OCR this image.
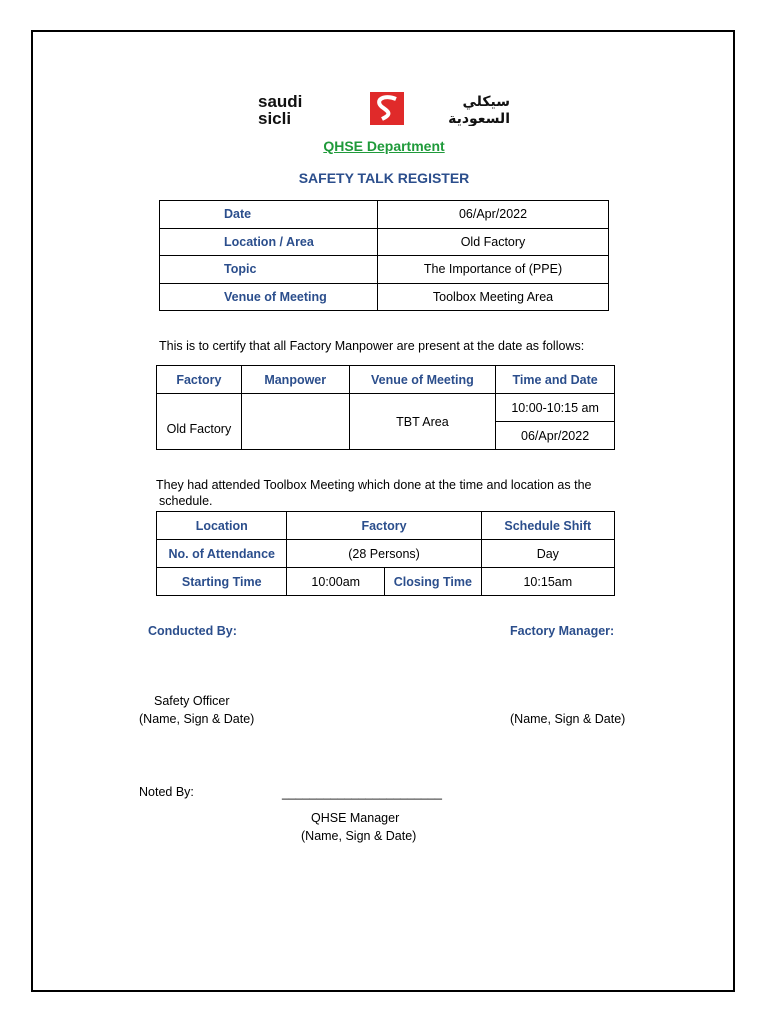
saudi
sicli
سيكلي
السعودية
QHSE Department
SAFETY TALK REGISTER
Date	06/Apr/2022
Location / Area	Old Factory
Topic	The Importance of (PPE)
Venue of Meeting	Toolbox Meeting Area
This is to certify that all Factory Manpower are present at the date as follows:
Factory	Manpower	Venue of Meeting	Time and Date
Old Factory		TBT Area	10:00-10:15 am
			06/Apr/2022
They had attended Toolbox Meeting which done at the time and location as the
schedule.
Location	Factory		Schedule Shift
No. of Attendance	(28 Persons)		Day
Starting Time	10:00am	Closing Time	10:15am
Conducted By:	Factory Manager:
Safety Officer
(Name, Sign & Date)	(Name, Sign & Date)
Noted By:	_______________________
QHSE Manager
(Name, Sign & Date)
